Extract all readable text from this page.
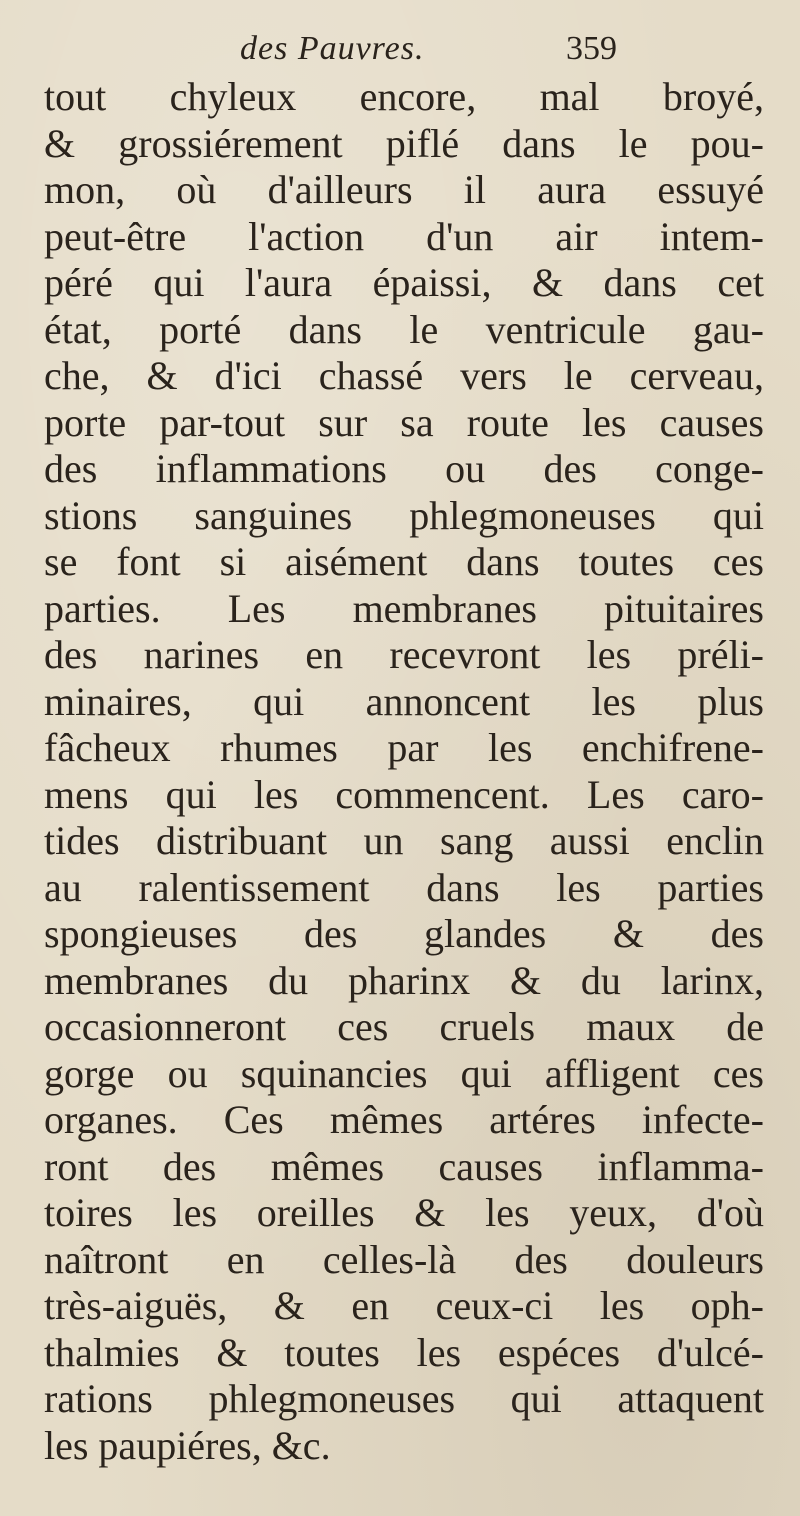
des Pauvres.	359
tout chyleux encore, mal broyé,
& grossiérement piflé dans le pou-
mon, où d'ailleurs il aura essuyé
peut-être l'action d'un air intem-
péré qui l'aura épaissi, & dans cet
état, porté dans le ventricule gau-
che, & d'ici chassé vers le cerveau,
porte par-tout sur sa route les causes
des inflammations ou des conge-
stions sanguines phlegmoneuses qui
se font si aisément dans toutes ces
parties. Les membranes pituitaires
des narines en recevront les préli-
minaires, qui annoncent les plus
fâcheux rhumes par les enchifrene-
mens qui les commencent. Les caro-
tides distribuant un sang aussi enclin
au ralentissement dans les parties
spongieuses des glandes & des
membranes du pharinx & du larinx,
occasionneront ces cruels maux de
gorge ou squinancies qui affligent ces
organes. Ces mêmes artéres infecte-
ront des mêmes causes inflamma-
toires les oreilles & les yeux, d'où
naîtront en celles-là des douleurs
très-aiguës, & en ceux-ci les oph-
thalmies & toutes les espéces d'ulcé-
rations phlegmoneuses qui attaquent
les paupiéres, &c.
